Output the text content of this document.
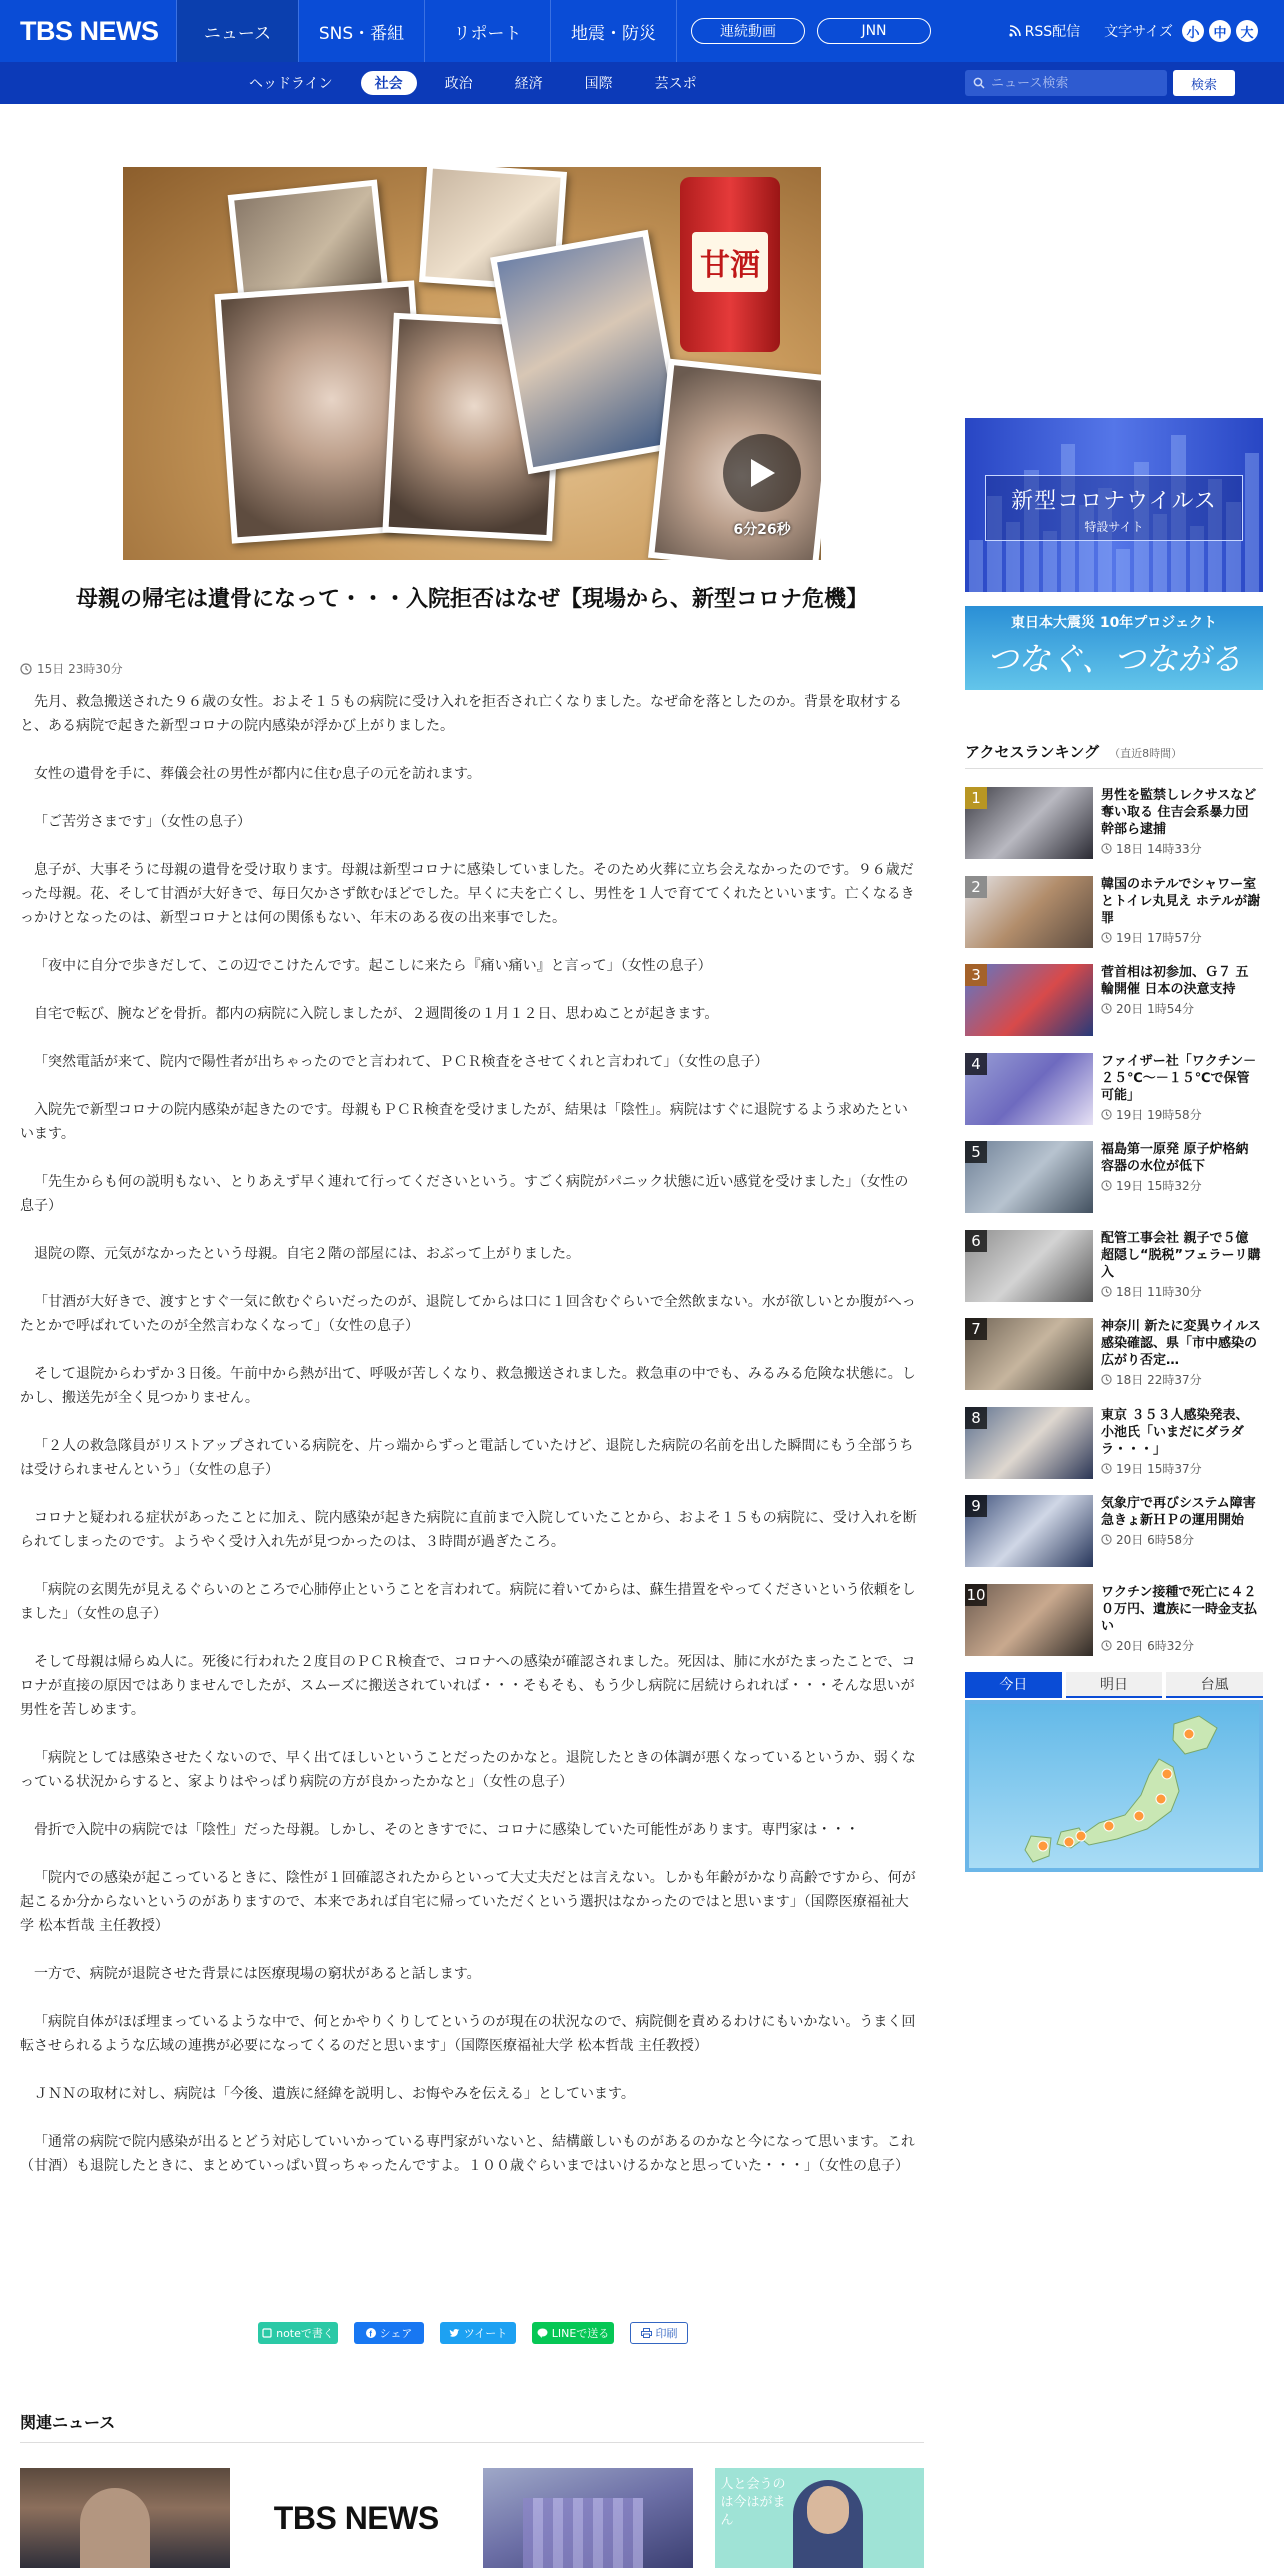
TBS NEWS	ニュース	SNS・番組	リポート	地震・防災	連続動画	JNN	RSS配信 文字サイズ	小	中	大
ヘッドライン	社会	政治	経済	国際	芸スポ
ニュース検索	検索
甘酒
6分26秒
母親の帰宅は遺骨になって・・・入院拒否はなぜ【現場から、新型コロナ危機】
15日 23時30分

先月、救急搬送された９６歳の女性。およそ１５もの病院に受け入れを拒否され亡くなりました。なぜ命を落としたのか。背景を取材すると、ある病院で起きた新型コロナの院内感染が浮かび上がりました。

女性の遺骨を手に、葬儀会社の男性が都内に住む息子の元を訪れます。

「ご苦労さまです」（女性の息子）

息子が、大事そうに母親の遺骨を受け取ります。母親は新型コロナに感染していました。そのため火葬に立ち会えなかったのです。９６歳だった母親。花、そして甘酒が大好きで、毎日欠かさず飲むほどでした。早くに夫を亡くし、男性を１人で育ててくれたといいます。亡くなるきっかけとなったのは、新型コロナとは何の関係もない、年末のある夜の出来事でした。

「夜中に自分で歩きだして、この辺でこけたんです。起こしに来たら『痛い痛い』と言って」（女性の息子）

自宅で転び、腕などを骨折。都内の病院に入院しましたが、２週間後の１月１２日、思わぬことが起きます。

「突然電話が来て、院内で陽性者が出ちゃったのでと言われて、ＰＣＲ検査をさせてくれと言われて」（女性の息子）

入院先で新型コロナの院内感染が起きたのです。母親もＰＣＲ検査を受けましたが、結果は「陰性」。病院はすぐに退院するよう求めたといいます。

「先生からも何の説明もない、とりあえず早く連れて行ってくださいという。すごく病院がパニック状態に近い感覚を受けました」（女性の息子）

退院の際、元気がなかったという母親。自宅２階の部屋には、おぶって上がりました。

「甘酒が大好きで、渡すとすぐ一気に飲むぐらいだったのが、退院してからは口に１回含むぐらいで全然飲まない。水が欲しいとか腹がへったとかで呼ばれていたのが全然言わなくなって」（女性の息子）

そして退院からわずか３日後。午前中から熱が出て、呼吸が苦しくなり、救急搬送されました。救急車の中でも、みるみる危険な状態に。しかし、搬送先が全く見つかりません。

「２人の救急隊員がリストアップされている病院を、片っ端からずっと電話していたけど、退院した病院の名前を出した瞬間にもう全部うちは受けられませんという」（女性の息子）

コロナと疑われる症状があったことに加え、院内感染が起きた病院に直前まで入院していたことから、およそ１５もの病院に、受け入れを断られてしまったのです。ようやく受け入れ先が見つかったのは、３時間が過ぎたころ。

「病院の玄関先が見えるぐらいのところで心肺停止ということを言われて。病院に着いてからは、蘇生措置をやってくださいという依頼をしました」（女性の息子）

そして母親は帰らぬ人に。死後に行われた２度目のＰＣＲ検査で、コロナへの感染が確認されました。死因は、肺に水がたまったことで、コロナが直接の原因ではありませんでしたが、スムーズに搬送されていれば・・・そもそも、もう少し病院に居続けられれば・・・そんな思いが男性を苦しめます。

「病院としては感染させたくないので、早く出てほしいということだったのかなと。退院したときの体調が悪くなっているというか、弱くなっている状況からすると、家よりはやっぱり病院の方が良かったかなと」（女性の息子）

骨折で入院中の病院では「陰性」だった母親。しかし、そのときすでに、コロナに感染していた可能性があります。専門家は・・・

「院内での感染が起こっているときに、陰性が１回確認されたからといって大丈夫だとは言えない。しかも年齢がかなり高齢ですから、何が起こるか分からないというのがありますので、本来であれば自宅に帰っていただくという選択はなかったのではと思います」（国際医療福祉大学 松本哲哉 主任教授）

一方で、病院が退院させた背景には医療現場の窮状があると話します。

「病院自体がほぼ埋まっているような中で、何とかやりくりしてというのが現在の状況なので、病院側を責めるわけにもいかない。うまく回転させられるような広域の連携が必要になってくるのだと思います」（国際医療福祉大学 松本哲哉 主任教授）

ＪＮＮの取材に対し、病院は「今後、遺族に経緯を説明し、お悔やみを伝える」としています。

「通常の病院で院内感染が出るとどう対応していいかっている専門家がいないと、結構厳しいものがあるのかなと今になって思います。これ（甘酒）も退院したときに、まとめていっぱい買っちゃったんですよ。１００歳ぐらいまではいけるかなと思っていた・・・」（女性の息子）

noteで書く	f シェア	ツイート	LINEで送る	印刷
関連ニュース
TBS NEWS
人と会うのは今はがまん
新型コロナウイルス
特設サイト
東日本大震災 10年プロジェクト
つなぐ、つながる
アクセスランキング （直近8時間）
1	男性を監禁しレクサスなど奪い取る 住吉会系暴力団幹部ら逮捕
18日 14時33分
2	韓国のホテルでシャワー室とトイレ丸見え ホテルが謝罪
19日 17時57分
3	菅首相は初参加、Ｇ７ 五輪開催 日本の決意支持
20日 1時54分
4	ファイザー社「ワクチン－２５℃～－１５℃で保管可能」
19日 19時58分
5	福島第一原発 原子炉格納容器の水位が低下
19日 15時32分
6	配管工事会社 親子で５億超隠し“脱税”フェラーリ購入
18日 11時30分
7	神奈川 新たに変異ウイルス感染確認、県「市中感染の広がり否定…
18日 22時37分
8	東京 ３５３人感染発表、小池氏「いまだにダラダラ・・・」
19日 15時37分
9	気象庁で再びシステム障害 急きょ新ＨＰの運用開始
20日 6時58分
10	ワクチン接種で死亡に４２０万円、遺族に一時金支払い
20日 6時32分
今日	明日	台風
